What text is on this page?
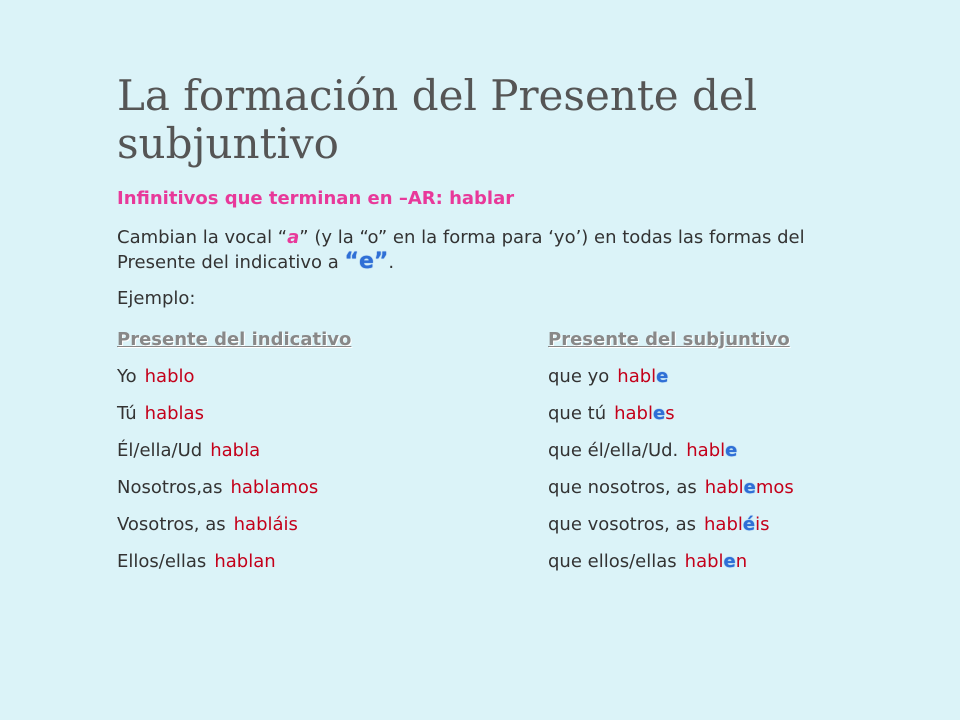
La formación del Presente del subjuntivo
Infinitivos que terminan en –AR: hablar
Cambian la vocal “a” (y la “o” en la forma para ‘yo’) en todas las formas del Presente del indicativo a “e”.
Ejemplo:
Presente del indicativo
Yo hablo
Tú hablas
Él/ella/Ud habla
Nosotros,as hablamos
Vosotros, as habláis
Ellos/ellas hablan
Presente del subjuntivo
que yo hable
que tú hables
que él/ella/Ud. hable
que nosotros, as hablemos
que vosotros, as habléis
que ellos/ellas hablen
